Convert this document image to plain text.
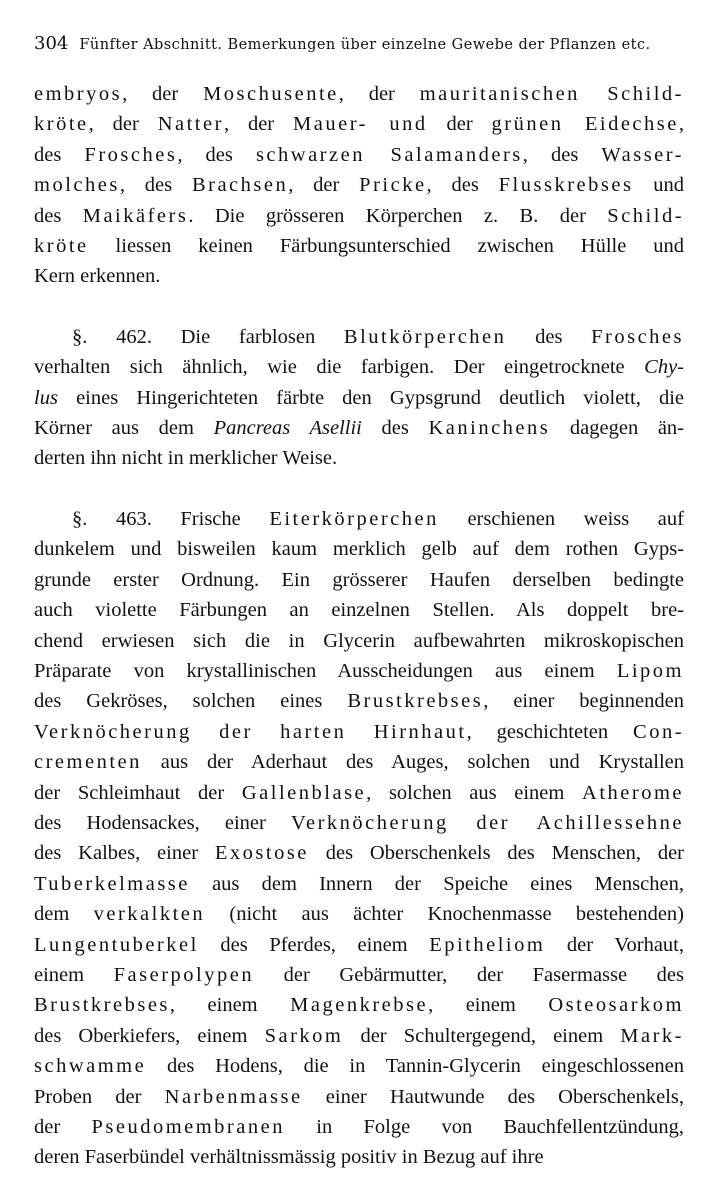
304 Fünfter Abschnitt. Bemerkungen über einzelne Gewebe der Pflanzen etc.
embryos, der Moschusente, der mauritanischen Schild-
kröte, der Natter, der Mauer- und der grünen Eidechse,
des Frosches, des schwarzen Salamanders, des Wasser-
molches, des Brachsen, der Pricke, des Flusskrebses und
des Maikäfers. Die grösseren Körperchen z. B. der Schild-
kröte liessen keinen Färbungsunterschied zwischen Hülle und
Kern erkennen.
§. 462. Die farblosen Blutkörperchen des Frosches
verhalten sich ähnlich, wie die farbigen. Der eingetrocknete Chy-
lus eines Hingerichteten färbte den Gypsgrund deutlich violett, die
Körner aus dem Pancreas Asellii des Kaninchens dagegen än-
derten ihn nicht in merklicher Weise.
§. 463. Frische Eiterkörperchen erschienen weiss auf
dunkelem und bisweilen kaum merklich gelb auf dem rothen Gyps-
grunde erster Ordnung. Ein grösserer Haufen derselben bedingte
auch violette Färbungen an einzelnen Stellen. Als doppelt bre-
chend erwiesen sich die in Glycerin aufbewahrten mikroskopischen
Präparate von krystallinischen Ausscheidungen aus einem Lipom
des Gekröses, solchen eines Brustkrebses, einer beginnenden
Verknöcherung der harten Hirnhaut, geschichteten Con-
crementen aus der Aderhaut des Auges, solchen und Krystallen
der Schleimhaut der Gallenblase, solchen aus einem Atherome
des Hodensackes, einer Verknöcherung der Achillessehne
des Kalbes, einer Exostose des Oberschenkels des Menschen, der
Tuberkelmasse aus dem Innern der Speiche eines Menschen,
dem verkalkten (nicht aus ächter Knochenmasse bestehenden)
Lungentuberkel des Pferdes, einem Epitheliom der Vorhaut,
einem Faserpolypen der Gebärmutter, der Fasermasse des
Brustkrebses, einem Magenkrebse, einem Osteosarkom
des Oberkiefers, einem Sarkom der Schultergegend, einem Mark-
schwamme des Hodens, die in Tannin-Glycerin eingeschlossenen
Proben der Narbenmasse einer Hautwunde des Oberschenkels,
der Pseudomembranen in Folge von Bauchfellentzündung,
deren Faserbündel verhältnissmässig positiv in Bezug auf ihre
